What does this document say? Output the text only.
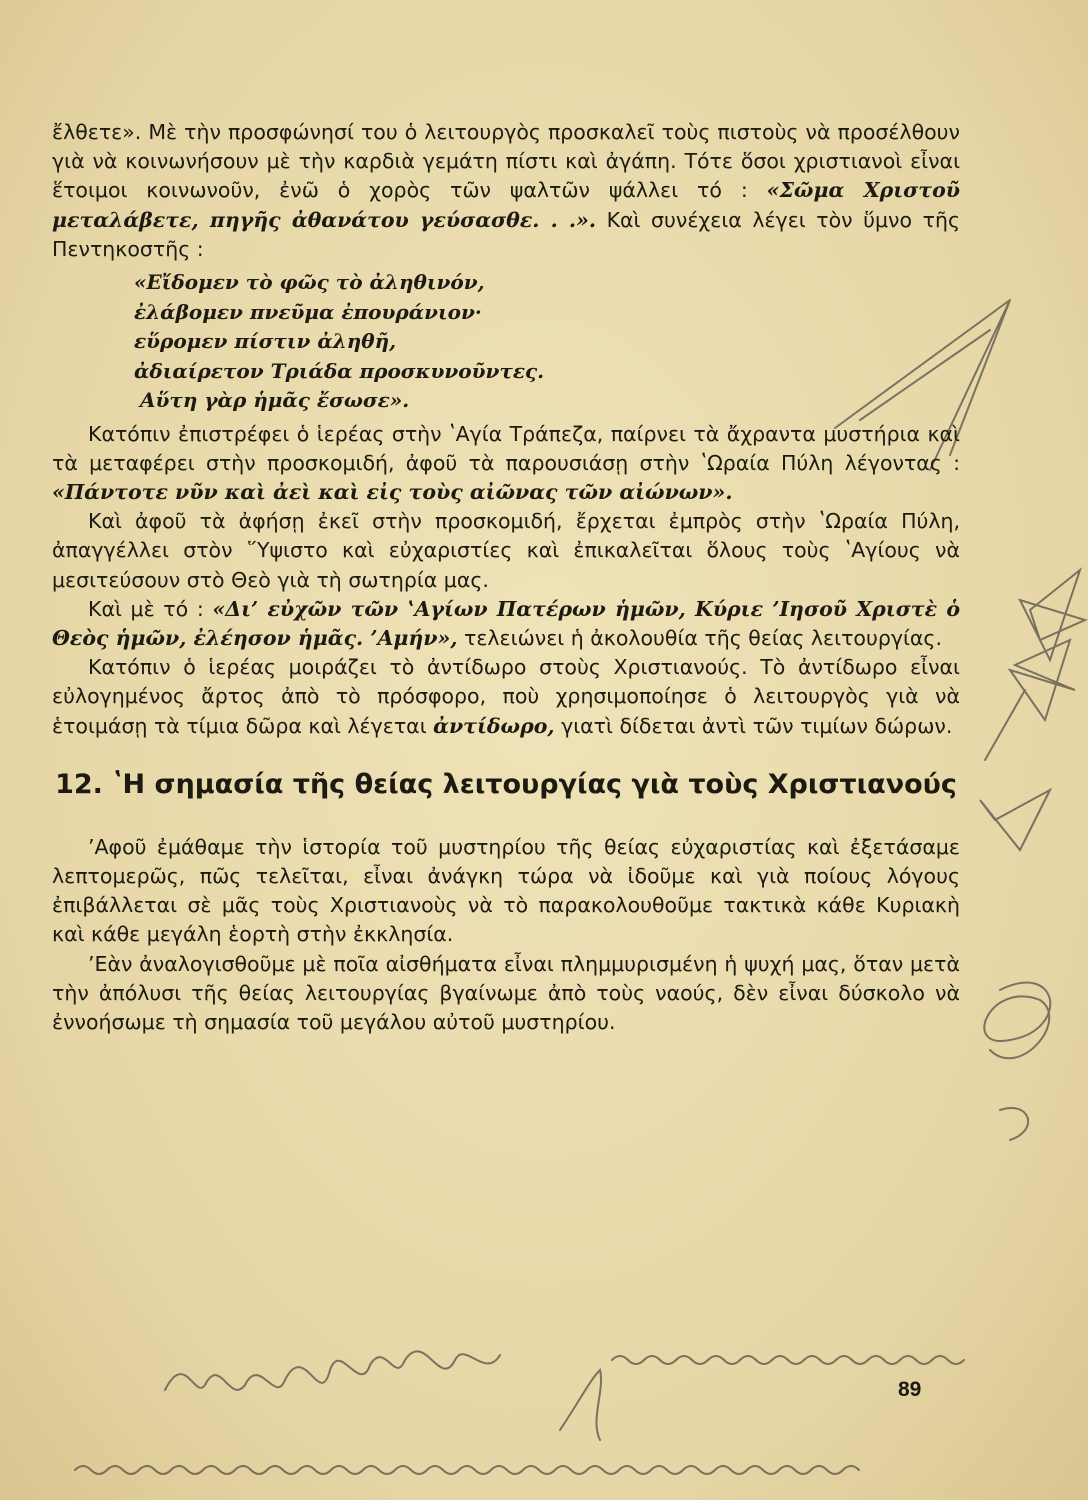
ἔλθετε». Μὲ τὴν προσφώνησί του ὁ λειτουργὸς προσκαλεῖ τοὺς πιστοὺς νὰ προσέλθουν γιὰ νὰ κοινωνήσουν μὲ τὴν καρδιὰ γεμάτη πίστι καὶ ἀγάπη. Τότε ὅσοι χριστιανοὶ εἶναι ἕτοιμοι κοινωνοῦν, ἐνῶ ὁ χορὸς τῶν ψαλτῶν ψάλλει τό : «Σῶμα Χριστοῦ μεταλάβετε, πηγῆς ἀθανάτου γεύσασθε. . .». Καὶ συνέχεια λέγει τὸν ὕμνο τῆς Πεντηκοστῆς :

«Εἴδομεν τὸ φῶς τὸ ἀληθινόν,
ἐλάβομεν πνεῦμα ἐπουράνιον·
εὕρομεν πίστιν ἀληθῆ,
ἀδιαίρετον Τριάδα προσκυνοῦντες.
Αὕτη γὰρ ἡμᾶς ἔσωσε».

Κατόπιν ἐπιστρέφει ὁ ἱερέας στὴν ʽΑγία Τράπεζα, παίρνει τὰ ἄχραντα μυστήρια καὶ τὰ μεταφέρει στὴν προσκομιδή, ἀφοῦ τὰ παρουσιάσῃ στὴν ʽΩραία Πύλη λέγοντας : «Πάντοτε νῦν καὶ ἀεὶ καὶ εἰς τοὺς αἰῶνας τῶν αἰώνων».

Καὶ ἀφοῦ τὰ ἀφήσῃ ἐκεῖ στὴν προσκομιδή, ἔρχεται ἐμπρὸς στὴν ʽΩραία Πύλη, ἀπαγγέλλει στὸν ῞Υψιστο καὶ εὐχαριστίες καὶ ἐπικαλεῖται ὅλους τοὺς ʽΑγίους νὰ μεσιτεύσουν στὸ Θεὸ γιὰ τὴ σωτηρία μας.

Καὶ μὲ τό : «Δι’ εὐχῶν τῶν ʽΑγίων Πατέρων ἡμῶν, Κύριε ’Ιησοῦ Χριστὲ ὁ Θεὸς ἡμῶν, ἐλέησον ἡμᾶς. ’Αμήν», τελειώνει ἡ ἀκολουθία τῆς θείας λειτουργίας.

Κατόπιν ὁ ἱερέας μοιράζει τὸ ἀντίδωρο στοὺς Χριστιανούς. Τὸ ἀντίδωρο εἶναι εὐλογημένος ἄρτος ἀπὸ τὸ πρόσφορο, ποὺ χρησιμοποίησε ὁ λειτουργὸς γιὰ νὰ ἑτοιμάσῃ τὰ τίμια δῶρα καὶ λέγεται ἀντίδωρο, γιατὶ δίδεται ἀντὶ τῶν τιμίων δώρων.

12. ʽΗ σημασία τῆς θείας λειτουργίας γιὰ τοὺς Χριστιανούς

’Αφοῦ ἐμάθαμε τὴν ἱστορία τοῦ μυστηρίου τῆς θείας εὐχαριστίας καὶ ἐξετάσαμε λεπτομερῶς, πῶς τελεῖται, εἶναι ἀνάγκη τώρα νὰ ἰδοῦμε καὶ γιὰ ποίους λόγους ἐπιβάλλεται σὲ μᾶς τοὺς Χριστιανοὺς νὰ τὸ παρακολουθοῦμε τακτικὰ κάθε Κυριακὴ καὶ κάθε μεγάλη ἑορτὴ στὴν ἐκκλησία.

’Εὰν ἀναλογισθοῦμε μὲ ποῖα αἰσθήματα εἶναι πλημμυρισμένη ἡ ψυχή μας, ὅταν μετὰ τὴν ἀπόλυσι τῆς θείας λειτουργίας βγαίνωμε ἀπὸ τοὺς ναούς, δὲν εἶναι δύσκολο νὰ ἐννοήσωμε τὴ σημασία τοῦ μεγάλου αὐτοῦ μυστηρίου.

89
